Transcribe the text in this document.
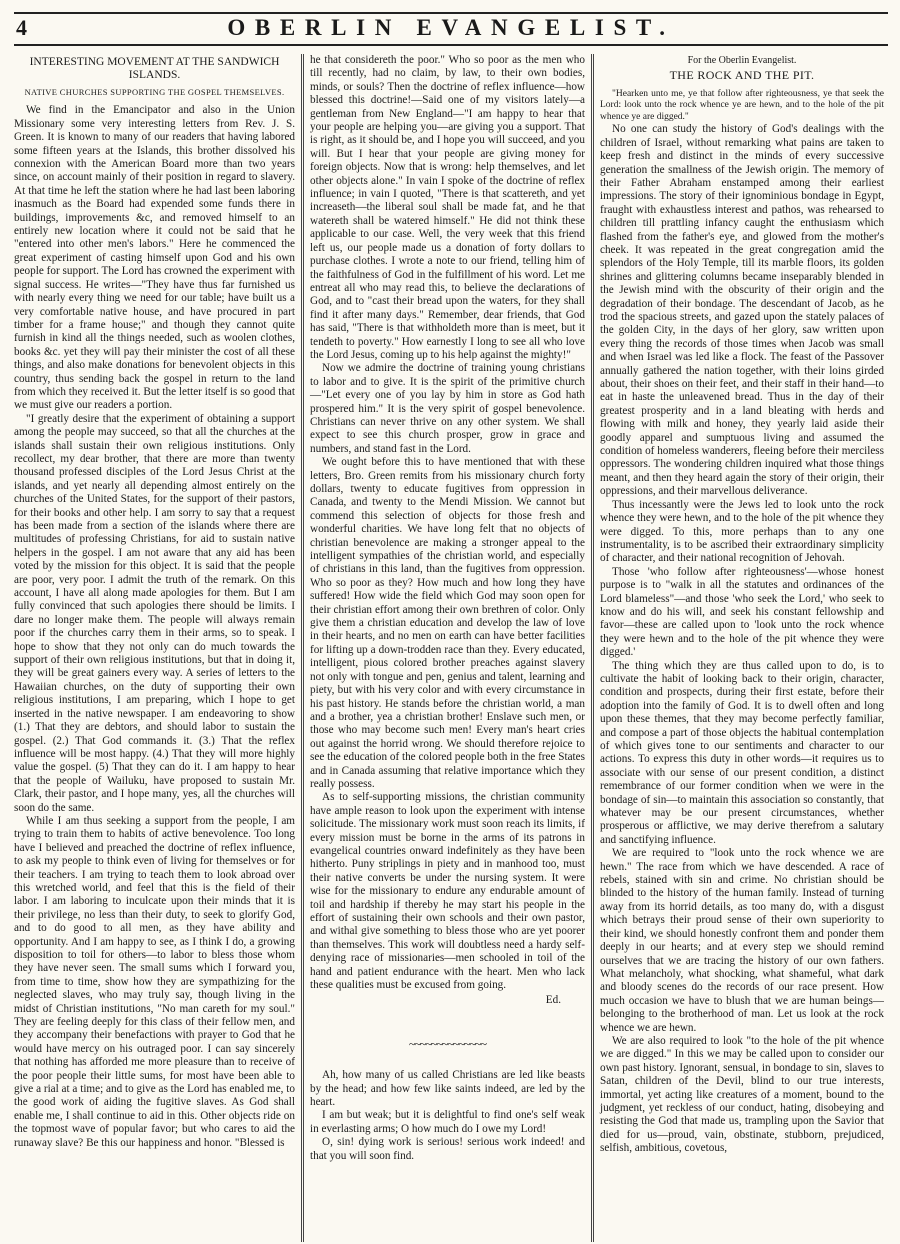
4	OBERLIN EVANGELIST.
INTERESTING MOVEMENT AT THE SANDWICH ISLANDS.
NATIVE CHURCHES SUPPORTING THE GOSPEL THEMSELVES.

We find in the Emancipator and also in the Union Missionary some very interesting letters from Rev. J. S. Green. It is known to many of our readers that having labored some fifteen years at the Islands, this brother dissolved his connexion with the American Board more than two years since, on account mainly of their position in regard to slavery. At that time he left the station where he had last been laboring inasmuch as the Board had expended some funds there in buildings, improvements &c, and removed himself to an entirely new location where it could not be said that he "entered into other men's labors." Here he commenced the great experiment of casting himself upon God and his own people for support. The Lord has crowned the experiment with signal success. He writes—"They have thus far furnished us with nearly every thing we need for our table; have built us a very comfortable native house, and have procured in part timber for a frame house;" and though they cannot quite furnish in kind all the things needed, such as woolen clothes, books &c. yet they will pay their minister the cost of all these things, and also make donations for benevolent objects in this country, thus sending back the gospel in return to the land from which they received it. But the letter itself is so good that we must give our readers a portion.

"I greatly desire that the experiment of obtaining a support among the people may succeed, so that all the churches at the islands shall sustain their own religious institutions. Only recollect, my dear brother, that there are more than twenty thousand professed disciples of the Lord Jesus Christ at the islands, and yet nearly all depending almost entirely on the churches of the United States, for the support of their pastors, for their books and other help. I am sorry to say that a request has been made from a section of the islands where there are multitudes of professing Christians, for aid to sustain native helpers in the gospel. I am not aware that any aid has been voted by the mission for this object. It is said that the people are poor, very poor. I admit the truth of the remark. On this account, I have all along made apologies for them. But I am fully convinced that such apologies there should be limits. I dare no longer make them. The people will always remain poor if the churches carry them in their arms, so to speak. I hope to show that they not only can do much towards the support of their own religious institutions, but that in doing it, they will be great gainers every way. A series of letters to the Hawaiian churches, on the duty of supporting their own religious institutions, I am preparing, which I hope to get inserted in the native newspaper. I am endeavoring to show (1.) That they are debtors, and should labor to sustain the gospel. (2.) That God commands it. (3.) That the reflex influence will be most happy. (4.) That they will more highly value the gospel. (5) That they can do it. I am happy to hear that the people of Wailuku, have proposed to sustain Mr. Clark, their pastor, and I hope many, yes, all the churches will soon do the same.

While I am thus seeking a support from the people, I am trying to train them to habits of active benevolence. Too long have I believed and preached the doctrine of reflex influence, to ask my people to think even of living for themselves or for their teachers. I am trying to teach them to look abroad over this wretched world, and feel that this is the field of their labor. I am laboring to inculcate upon their minds that it is their privilege, no less than their duty, to seek to glorify God, and to do good to all men, as they have ability and opportunity. And I am happy to see, as I think I do, a growing disposition to toil for others—to labor to bless those whom they have never seen. The small sums which I forward you, from time to time, show how they are sympathizing for the neglected slaves, who may truly say, though living in the midst of Christian institutions, "No man careth for my soul." They are feeling deeply for this class of their fellow men, and they accompany their benefactions with prayer to God that he would have mercy on his outraged poor. I can say sincerely that nothing has afforded me more pleasure than to receive of the poor people their little sums, for most have been able to give a rial at a time; and to give as the Lord has enabled me, to the good work of aiding the fugitive slaves. As God shall enable me, I shall continue to aid in this. Other objects ride on the topmost wave of popular favor; but who cares to aid the runaway slave? Be this our happiness and honor. "Blessed is

he that considereth the poor." Who so poor as the men who till recently, had no claim, by law, to their own bodies, minds, or souls? Then the doctrine of reflex influence—how blessed this doctrine!—Said one of my visitors lately—a gentleman from New England—"I am happy to hear that your people are helping you—are giving you a support. That is right, as it should be, and I hope you will succeed, and you will. But I hear that your people are giving money for foreign objects. Now that is wrong: help themselves, and let other objects alone." In vain I spoke of the doctrine of reflex influence; in vain I quoted, "There is that scattereth, and yet increaseth—the liberal soul shall be made fat, and he that watereth shall be watered himself." He did not think these applicable to our case. Well, the very week that this friend left us, our people made us a donation of forty dollars to purchase clothes. I wrote a note to our friend, telling him of the faithfulness of God in the fulfillment of his word. Let me entreat all who may read this, to believe the declarations of God, and to "cast their bread upon the waters, for they shall find it after many days." Remember, dear friends, that God has said, "There is that withholdeth more than is meet, but it tendeth to poverty." How earnestly I long to see all who love the Lord Jesus, coming up to his help against the mighty!"

Now we admire the doctrine of training young christians to labor and to give. It is the spirit of the primitive church—"Let every one of you lay by him in store as God hath prospered him." It is the very spirit of gospel benevolence. Christians can never thrive on any other system. We shall expect to see this church prosper, grow in grace and numbers, and stand fast in the Lord.

We ought before this to have mentioned that with these letters, Bro. Green remits from his missionary church forty dollars, twenty to educate fugitives from oppression in Canada, and twenty to the Mendi Mission. We cannot but commend this selection of objects for those fresh and wonderful charities. We have long felt that no objects of christian benevolence are making a stronger appeal to the intelligent sympathies of the christian world, and especially of christians in this land, than the fugitives from oppression. Who so poor as they? How much and how long they have suffered! How wide the field which God may soon open for their christian effort among their own brethren of color. Only give them a christian education and develop the law of love in their hearts, and no men on earth can have better facilities for lifting up a down-trodden race than they. Every educated, intelligent, pious colored brother preaches against slavery not only with tongue and pen, genius and talent, learning and piety, but with his very color and with every circumstance in his past history. He stands before the christian world, a man and a brother, yea a christian brother! Enslave such men, or those who may become such men! Every man's heart cries out against the horrid wrong. We should therefore rejoice to see the education of the colored people both in the free States and in Canada assuming that relative importance which they really possess.

As to self-supporting missions, the christian community have ample reason to look upon the experiment with intense solicitude. The missionary work must soon reach its limits, if every mission must be borne in the arms of its patrons in evangelical countries onward indefinitely as they have been hitherto. Puny striplings in piety and in manhood too, must their native converts be under the nursing system. It were wise for the missionary to endure any endurable amount of toil and hardship if thereby he may start his people in the effort of sustaining their own schools and their own pastor, and withal give something to bless those who are yet poorer than themselves. This work will doubtless need a hardy self-denying race of missionaries—men schooled in toil of the hand and patient endurance with the heart. Men who lack these qualities must be excused from going.

Ed.
~~~~~~~~~~~~~~

Ah, how many of us called Christians are led like beasts by the head; and how few like saints indeed, are led by the heart.

I am but weak; but it is delightful to find one's self weak in everlasting arms; O how much do I owe my Lord!

O, sin! dying work is serious! serious work indeed! and that you will soon find.

For the Oberlin Evangelist.
THE ROCK AND THE PIT.

"Hearken unto me, ye that follow after righteousness, ye that seek the Lord: look unto the rock whence ye are hewn, and to the hole of the pit whence ye are digged."

No one can study the history of God's dealings with the children of Israel, without remarking what pains are taken to keep fresh and distinct in the minds of every successive generation the smallness of the Jewish origin. The memory of their Father Abraham enstamped among their earliest impressions. The story of their ignominious bondage in Egypt, fraught with exhaustless interest and pathos, was rehearsed to children till prattling infancy caught the enthusiasm which flashed from the father's eye, and glowed from the mother's cheek. It was repeated in the great congregation amid the splendors of the Holy Temple, till its marble floors, its golden shrines and glittering columns became inseparably blended in the Jewish mind with the obscurity of their origin and the degradation of their bondage. The descendant of Jacob, as he trod the spacious streets, and gazed upon the stately palaces of the golden City, in the days of her glory, saw written upon every thing the records of those times when Jacob was small and when Israel was led like a flock. The feast of the Passover annually gathered the nation together, with their loins girded about, their shoes on their feet, and their staff in their hand—to eat in haste the unleavened bread. Thus in the day of their greatest prosperity and in a land bleating with herds and flowing with milk and honey, they yearly laid aside their goodly apparel and sumptuous living and assumed the condition of homeless wanderers, fleeing before their merciless oppressors. The wondering children inquired what those things meant, and then they heard again the story of their origin, their oppressions, and their marvellous deliverance.

Thus incessantly were the Jews led to look unto the rock whence they were hewn, and to the hole of the pit whence they were digged. To this, more perhaps than to any one instrumentality, is to be ascribed their extraordinary simplicity of character, and their national recognition of Jehovah.

Those 'who follow after righteousness'—whose honest purpose is to "walk in all the statutes and ordinances of the Lord blameless"—and those 'who seek the Lord,' who seek to know and do his will, and seek his constant fellowship and favor—these are called upon to 'look unto the rock whence they were hewn and to the hole of the pit whence they were digged.'

The thing which they are thus called upon to do, is to cultivate the habit of looking back to their origin, character, condition and prospects, during their first estate, before their adoption into the family of God. It is to dwell often and long upon these themes, that they may become perfectly familiar, and compose a part of those objects the habitual contemplation of which gives tone to our sentiments and character to our actions. To express this duty in other words—it requires us to associate with our sense of our present condition, a distinct remembrance of our former condition when we were in the bondage of sin—to maintain this association so constantly, that whatever may be our present circumstances, whether prosperous or afflictive, we may derive therefrom a salutary and sanctifying influence.

We are required to "look unto the rock whence we are hewn." The race from which we have descended. A race of rebels, stained with sin and crime. No christian should be blinded to the history of the human family. Instead of turning away from its horrid details, as too many do, with a disgust which betrays their proud sense of their own superiority to their kind, we should honestly confront them and ponder them deeply in our hearts; and at every step we should remind ourselves that we are tracing the history of our own fathers. What melancholy, what shocking, what shameful, what dark and bloody scenes do the records of our race present. How much occasion we have to blush that we are human beings—belonging to the brotherhood of man. Let us look at the rock whence we are hewn.

We are also required to look "to the hole of the pit whence we are digged." In this we may be called upon to consider our own past history. Ignorant, sensual, in bondage to sin, slaves to Satan, children of the Devil, blind to our true interests, immortal, yet acting like creatures of a moment, bound to the judgment, yet reckless of our conduct, hating, disobeying and resisting the God that made us, trampling upon the Savior that died for us—proud, vain, obstinate, stubborn, prejudiced, selfish, ambitious, covetous,
